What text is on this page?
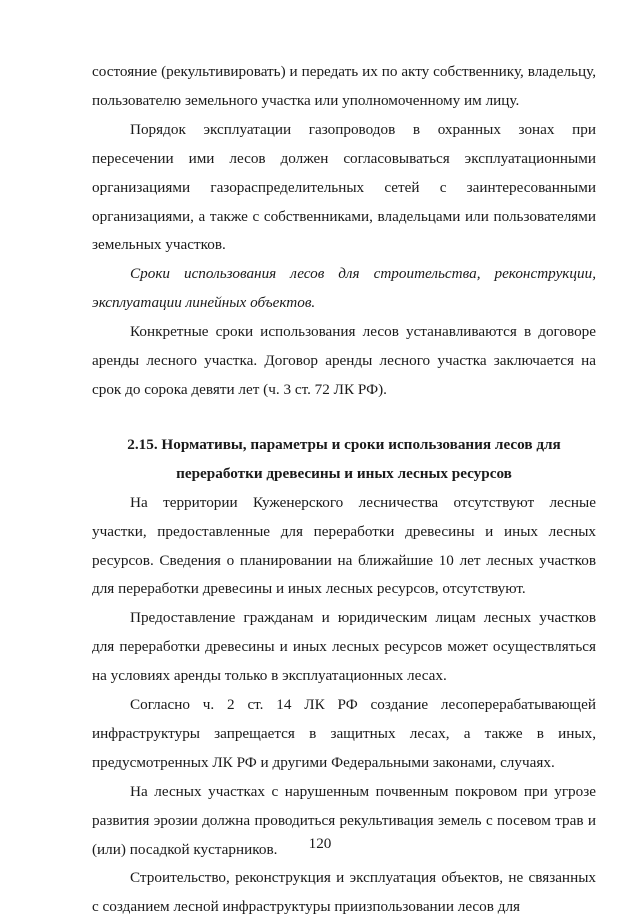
состояние (рекультивировать) и передать их по акту собственнику, владельцу, пользователю земельного участка или уполномоченному им лицу.

Порядок эксплуатации газопроводов в охранных зонах при пересечении ими лесов должен согласовываться эксплуатационными организациями газораспределительных сетей с заинтересованными организациями, а также с собственниками, владельцами или пользователями земельных участков.

Сроки использования лесов для строительства, реконструкции, эксплуатации линейных объектов.

Конкретные сроки использования лесов устанавливаются в договоре аренды лесного участка. Договор аренды лесного участка заключается на срок до сорока девяти лет (ч. 3 ст. 72 ЛК РФ).

2.15. Нормативы, параметры и сроки использования лесов для
переработки древесины и иных лесных ресурсов

На территории Куженерского лесничества отсутствуют лесные участки, предоставленные для переработки древесины и иных лесных ресурсов. Сведения о планировании на ближайшие 10 лет лесных участков для переработки древесины и иных лесных ресурсов, отсутствуют.

Предоставление гражданам и юридическим лицам лесных участков для переработки древесины и иных лесных ресурсов может осуществляться на условиях аренды только в эксплуатационных лесах.

Согласно ч. 2 ст. 14 ЛК РФ создание лесоперерабатывающей инфраструктуры запрещается в защитных лесах, а также в иных, предусмотренных ЛК РФ и другими Федеральными законами, случаях.

На лесных участках с нарушенным почвенным покровом при угрозе развития эрозии должна проводиться рекультивация земель с посевом трав и (или) посадкой кустарников.

Строительство, реконструкция и эксплуатация объектов, не связанных с созданием лесной инфраструктуры приизпользовании лесов для

120
